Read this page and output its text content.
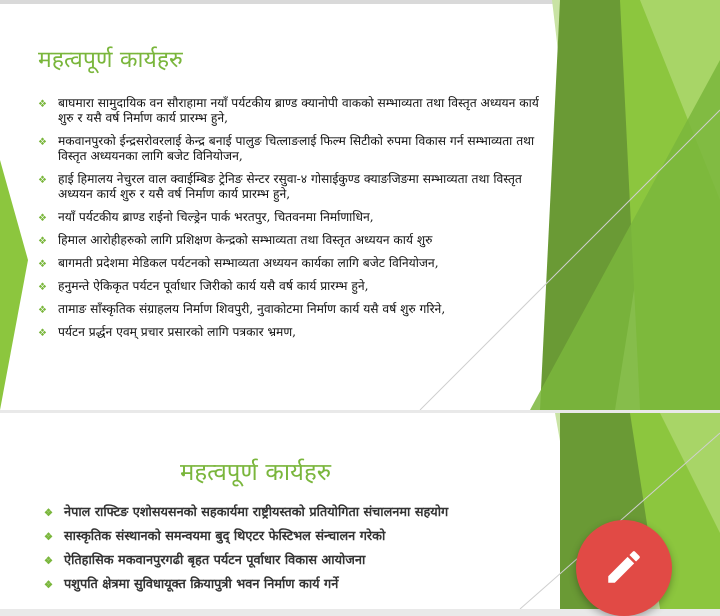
महत्वपूर्ण कार्यहरु
❖ बाघमारा सामुदायिक वन सौराहामा नयाँ पर्यटकीय ब्राण्ड क्यानोपी वाकको सम्भाव्यता तथा विस्तृत अध्ययन कार्य शुरु र यसै वर्ष निर्माण कार्य प्रारम्भ हुने,
❖ मकवानपुरको ईन्द्रसरोवरलाई केन्द्र बनाई पालुङ चित्लाङलाई फिल्म सिटीको रुपमा विकास गर्न सम्भाव्यता तथा विस्तृत अध्ययनका लागि बजेट विनियोजन,
❖ हाई हिमालय नेचुरल वाल क्वाईम्बिङ ट्रेनिङ सेन्टर रसुवा-४ गोसाईकुण्ड क्याङजिङमा सम्भाव्यता तथा विस्तृत अध्ययन कार्य शुरु र यसै वर्ष निर्माण कार्य प्रारम्भ हुने,
❖ नयाँ पर्यटकीय ब्राण्ड राईनो चिल्ड्रेन पार्क भरतपुर, चितवनमा निर्माणाधिन,
❖ हिमाल आरोहीहरुको लागि प्रशिक्षण केन्द्रको सम्भाव्यता तथा विस्तृत अध्ययन कार्य शुरु
❖ बागमती प्रदेशमा मेडिकल पर्यटनको सम्भाव्यता अध्ययन कार्यका लागि बजेट विनियोजन,
❖ हनुमन्ते ऐकिकृत पर्यटन पूर्वाधार जिरीको कार्य यसै वर्ष कार्य प्रारम्भ हुने,
❖ तामाङ साँस्कृतिक संग्राहलय निर्माण शिवपुरी, नुवाकोटमा निर्माण कार्य यसै वर्ष शुरु गरिने,
❖ पर्यटन प्रर्द्धन एवम् प्रचार प्रसारको लागि पत्रकार भ्रमण,
महत्वपूर्ण कार्यहरु
❖ नेपाल राफ्टिङ एशोसयसनको सहकार्यमा राष्ट्रीयस्तको प्रतियोगिता संचालनमा सहयोग
❖ सास्कृतिक संस्थानको समन्वयमा बुद् थिएटर फेस्टिभल संन्चालन गरेको
❖ ऐतिहासिक मकवानपुरगढी बृहत पर्यटन पूर्वाधार विकास आयोजना
❖ पशुपति क्षेत्रमा सुविधायूक्त क्रियापुत्री भवन निर्माण कार्य गर्ने
